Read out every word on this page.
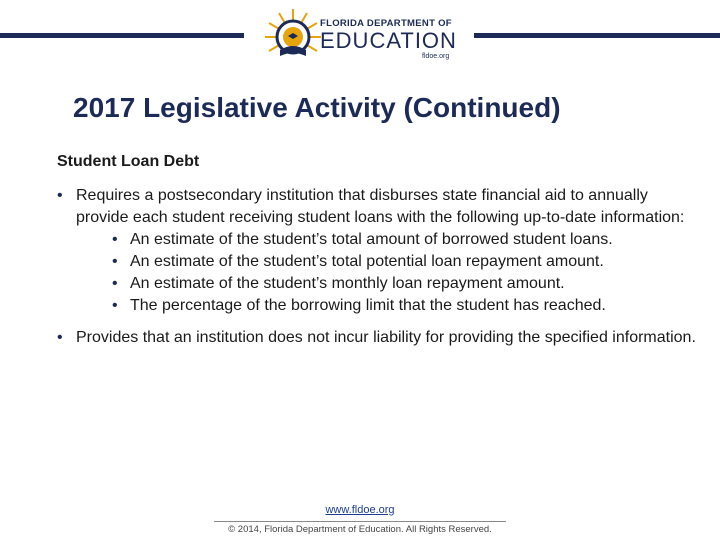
FLORIDA DEPARTMENT OF
EDUCATION
fldoe.org
2017 Legislative Activity (Continued)
Student Loan Debt
• Requires a postsecondary institution that disburses state financial aid to annually provide each student receiving student loans with the following up-to-date information:
• An estimate of the student’s total amount of borrowed student loans.
• An estimate of the student’s total potential loan repayment amount.
• An estimate of the student’s monthly loan repayment amount.
• The percentage of the borrowing limit that the student has reached.
• Provides that an institution does not incur liability for providing the specified information.
www.fldoe.org
© 2014, Florida Department of Education. All Rights Reserved.
